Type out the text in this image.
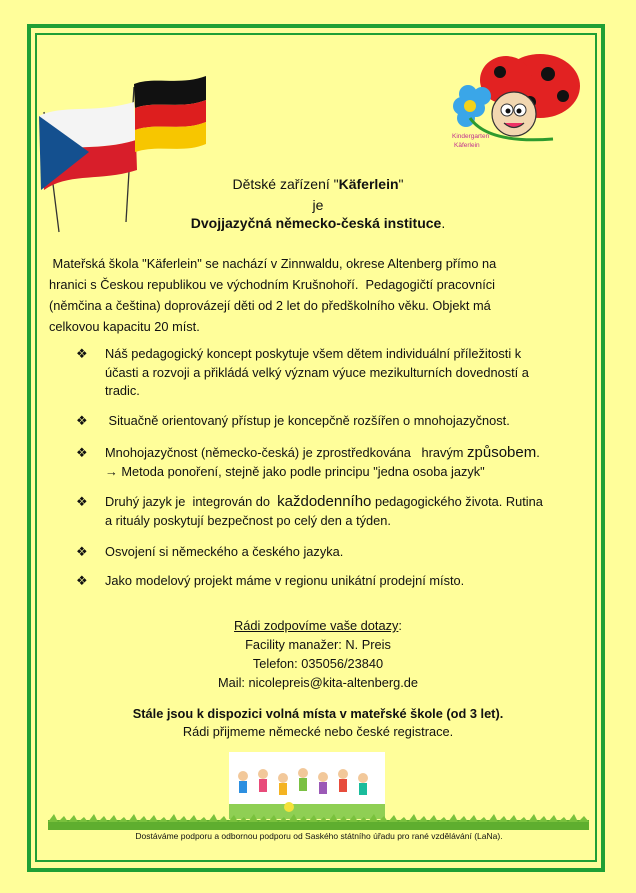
Kindergarten
Käferlein
Dětské zařízení "Käferlein"
je
Dvojjazyčná německo-česká instituce.
Mateřská škola "Käferlein" se nachází v Zinnwaldu, okrese Altenberg přímo na
hranici s Českou republikou ve východním Krušnohoří.  Pedagogičtí pracovníci
(němčina a čeština) doprovázejí děti od 2 let do předškolního věku. Objekt má
celkovou kapacitu 20 míst.
❖ Náš pedagogický koncept poskytuje všem dětem individuální příležitosti k
účasti a rozvoji a přikládá velký význam výuce mezikulturních dovedností a
tradic.
❖ Situačně orientovaný přístup je koncepčně rozšířen o mnohojazyčnost.
❖ Mnohojazyčnost (německo-česká) je zprostředkována   hravým způsobem.
→ Metoda ponoření, stejně jako podle principu "jedna osoba jazyk"
❖ Druhý jazyk je  integrován do  každodenního pedagogického života. Rutina
a rituály poskytují bezpečnost po celý den a týden.
❖ Osvojení si německého a českého jazyka.
❖ Jako modelový projekt máme v regionu unikátní prodejní místo.
Rádi zodpovíme vaše dotazy:
Facility manažer: N. Preis
Telefon: 035056/23840
Mail: nicolepreis@kita-altenberg.de
Stále jsou k dispozici volná místa v mateřské škole (od 3 let).
Rádi přijmeme německé nebo české registrace.
Dostáváme podporu a odbornou podporu od Saského státního úřadu pro rané vzdělávání (LaNa).
